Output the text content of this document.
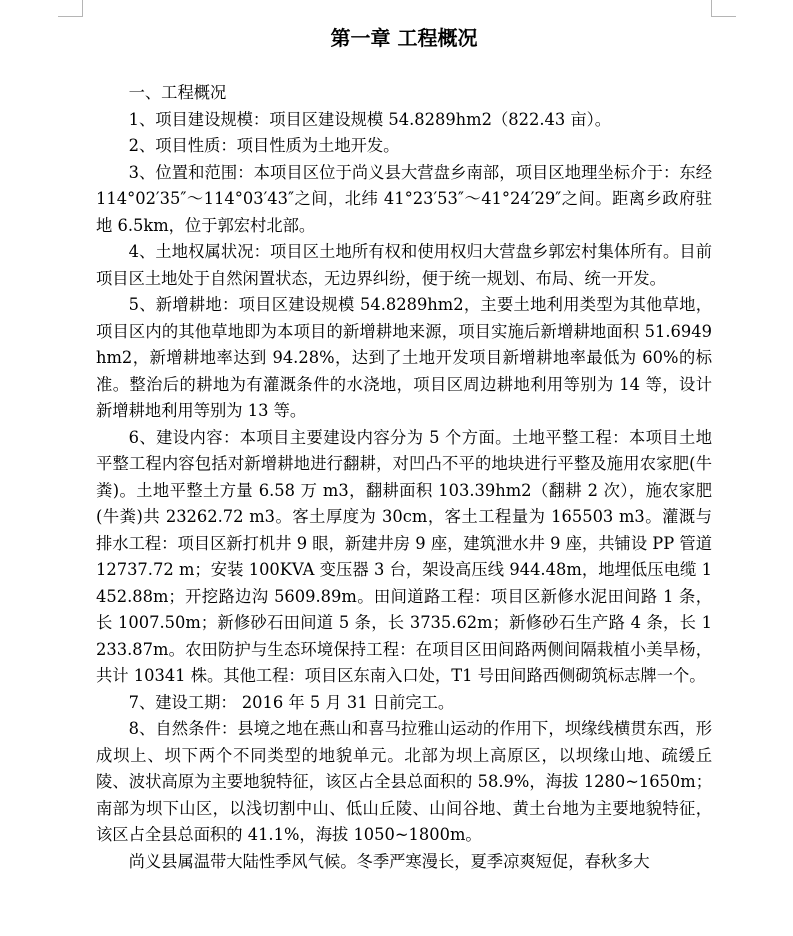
第一章 工程概况

一、工程概况

1、项目建设规模：项目区建设规模 54.8289hm2（822.43 亩）。

2、项目性质：项目性质为土地开发。

3、位置和范围：本项目区位于尚义县大营盘乡南部，项目区地理坐标介于：东经 114°02′35″～114°03′43″之间，北纬 41°23′53″～41°24′29″之间。距离乡政府驻地 6.5km，位于郭宏村北部。

4、土地权属状况：项目区土地所有权和使用权归大营盘乡郭宏村集体所有。目前项目区土地处于自然闲置状态，无边界纠纷，便于统一规划、布局、统一开发。

5、新增耕地：项目区建设规模 54.8289hm2，主要土地利用类型为其他草地，项目区内的其他草地即为本项目的新增耕地来源，项目实施后新增耕地面积 51.6949hm2，新增耕地率达到 94.28%，达到了土地开发项目新增耕地率最低为 60%的标准。整治后的耕地为有灌溉条件的水浇地，项目区周边耕地利用等别为 14 等，设计新增耕地利用等别为 13 等。

6、建设内容：本项目主要建设内容分为 5 个方面。土地平整工程：本项目土地平整工程内容包括对新增耕地进行翻耕，对凹凸不平的地块进行平整及施用农家肥(牛粪)。土地平整土方量 6.58 万 m3，翻耕面积 103.39hm2（翻耕 2 次），施农家肥(牛粪)共 23262.72 m3。客土厚度为 30cm，客土工程量为 165503 m3。灌溉与排水工程：项目区新打机井 9 眼，新建井房 9 座，建筑泄水井 9 座，共铺设 PP 管道 12737.72 m；安装 100KVA 变压器 3 台，架设高压线 944.48m，地埋低压电缆 1452.88m；开挖路边沟 5609.89m。田间道路工程：项目区新修水泥田间路 1 条，长 1007.50m；新修砂石田间道 5 条，长 3735.62m；新修砂石生产路 4 条，长 1233.87m。农田防护与生态环境保持工程：在项目区田间路两侧间隔栽植小美旱杨，共计 10341 株。其他工程：项目区东南入口处，T1 号田间路西侧砌筑标志牌一个。

7、建设工期： 2016 年 5 月 31 日前完工。

8、自然条件：县境之地在燕山和喜马拉雅山运动的作用下，坝缘线横贯东西，形成坝上、坝下两个不同类型的地貌单元。北部为坝上高原区，以坝缘山地、疏缓丘陵、波状高原为主要地貌特征，该区占全县总面积的 58.9%，海拔 1280~1650m；南部为坝下山区，以浅切割中山、低山丘陵、山间谷地、黄土台地为主要地貌特征，该区占全县总面积的 41.1%，海拔 1050~1800m。

尚义县属温带大陆性季风气候。冬季严寒漫长，夏季凉爽短促，春秋多大
